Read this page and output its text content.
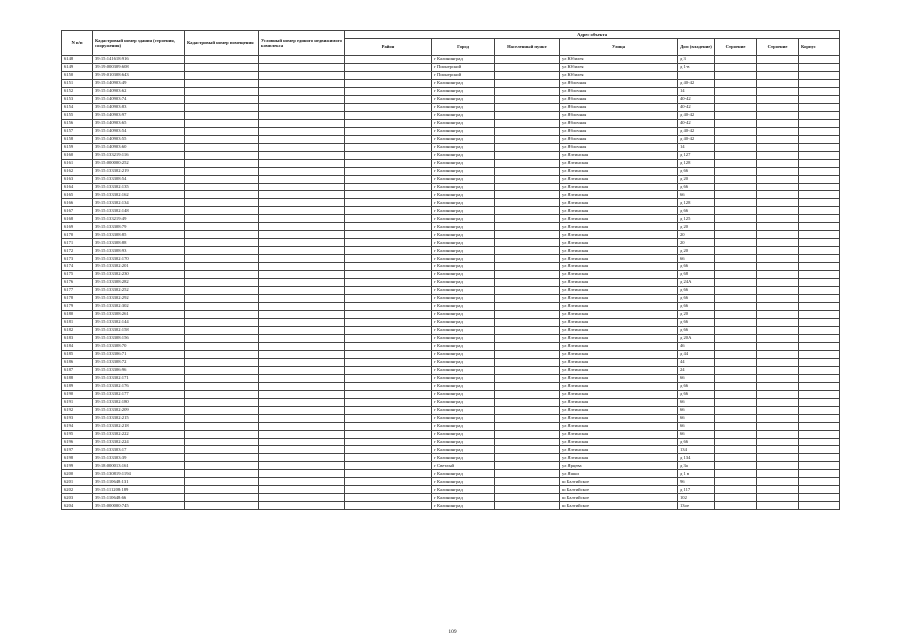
N п/п	Кадастровый номер здания (строения, сооружения)	Кадастровый номер помещения	Условный номер единого недвижимого комплекса	Адрес объекта							
				Район	Город	Населенный пункт	Улица	Дом (владение)	Строение	Строение	Корпус
6148	39:15:141618:916				г Калининград		ул Юбилея	д 3			
6149	39:19:000309:608				г Пионерский		ул Юбилея	д 1-в			
6150	39:19:010308:643				г Пионерский		ул Юбилея				
6151	39:15:140903:49				г Калининград		ул Яблочная	д 40-42			
6152	39:15:140903:62				г Калининград		ул Яблочная	14			
6153	39:15:140903:74				г Калининград		ул Яблочная	40-42			
6154	39:15:140903:83				г Калининград		ул Яблочная	40-42			
6155	39:15:140903:97				г Калининград		ул Яблочная	д 40-42			
6156	39:15:140903:65				г Калининград		ул Яблочная	40-42			
6157	39:15:140903:54				г Калининград		ул Яблочная	д 40-42			
6158	39:15:140903:55				г Калининград		ул Яблочная	д 40-42			
6159	39:15:140903:60				г Калининград		ул Яблочная	14			
6160	39:15:133219:116				г Калининград		ул Ялтинская	д 127			
6161	39:15:000000:252				г Калининград		ул Ялтинская	д 128			
6162	39:15:133302:219				г Калининград		ул Ялтинская	д 66			
6163	39:15:133308:54				г Калининград		ул Ялтинская	д 20			
6164	39:15:133302:135				г Калининград		ул Ялтинская	д 66			
6165	39:15:133302:162				г Калининград		ул Ялтинская	66			
6166	39:15:133302:134				г Калининград		ул Ялтинская	д 128			
6167	39:15:133302:148				г Калининград		ул Ялтинская	д 66			
6168	39:15:133219:49				г Калининград		ул Ялтинская	д 125			
6169	39:15:133308:79				г Калининград		ул Ялтинская	д 20			
6170	39:15:133308:85				г Калининград		ул Ялтинская	20			
6171	39:15:133308:88				г Калининград		ул Ялтинская	20			
6172	39:15:133308:93				г Калининград		ул Ялтинская	д 20			
6173	39:15:133302:170				г Калининград		ул Ялтинская	66			
6174	39:15:133302:201				г Калининград		ул Ялтинская	д 66			
6175	39:15:133302:230				г Калининград		ул Ялтинская	д 68			
6176	39:15:133308:282				г Калининград		ул Ялтинская	д 24А			
6177	39:15:133302:252				г Калининград		ул Ялтинская	д 66			
6178	39:15:133302:292				г Калининград		ул Ялтинская	д 66			
6179	39:15:133302:302				г Калининград		ул Ялтинская	д 66			
6180	39:15:133308:261				г Калининград		ул Ялтинская	д 20			
6181	39:15:133302:144				г Калининград		ул Ялтинская	д 66			
6182	39:15:133302:158				г Калининград		ул Ялтинская	д 66			
6183	39:15:133308:156				г Калининград		ул Ялтинская	д 20А			
6184	39:15:133308:70				г Калининград		ул Ялтинская	46			
6185	39:15:133306:71				г Калининград		ул Ялтинская	д 44			
6186	39:15:133308:72				г Калининград		ул Ялтинская	44			
6187	39:15:133306:96				г Калининград		ул Ялтинская	24			
6188	39:15:133302:171				г Калининград		ул Ялтинская	66			
6189	39:15:133302:176				г Калининград		ул Ялтинская	д 66			
6190	39:15:133302:177				г Калининград		ул Ялтинская	д 66			
6191	39:15:133302:180				г Калининград		ул Ялтинская	66			
6192	39:15:133302:209				г Калининград		ул Ялтинская	66			
6193	39:15:133302:215				г Калининград		ул Ялтинская	66			
6194	39:15:133302:218				г Калининград		ул Ялтинская	66			
6195	39:15:133302:222				г Калининград		ул Ялтинская	66			
6196	39:15:133302:224				г Калининград		ул Ялтинская	д 66			
6197	39:15:133303:17				г Калининград		ул Ялтинская	134			
6198	39:15:133303:39				г Калининград		ул Ялтинская	д 134			
6199	39:18:000013:161				г Светлый		ул Ярцева	д 3а			
6200	39:15:130819:1194				г Калининград		ул Яшки	д 1 в			
6201	39:15:110648:131				г Калининград		ш Балтийское	96			
6202	39:15:111208:189				г Калининград		ш Балтийское	д 117			
6203	39:15:110648:66				г Калининград		ш Балтийское	102			
6204	39:15:000000:745				г Калининград		ш Балтийское	13ое			
109
